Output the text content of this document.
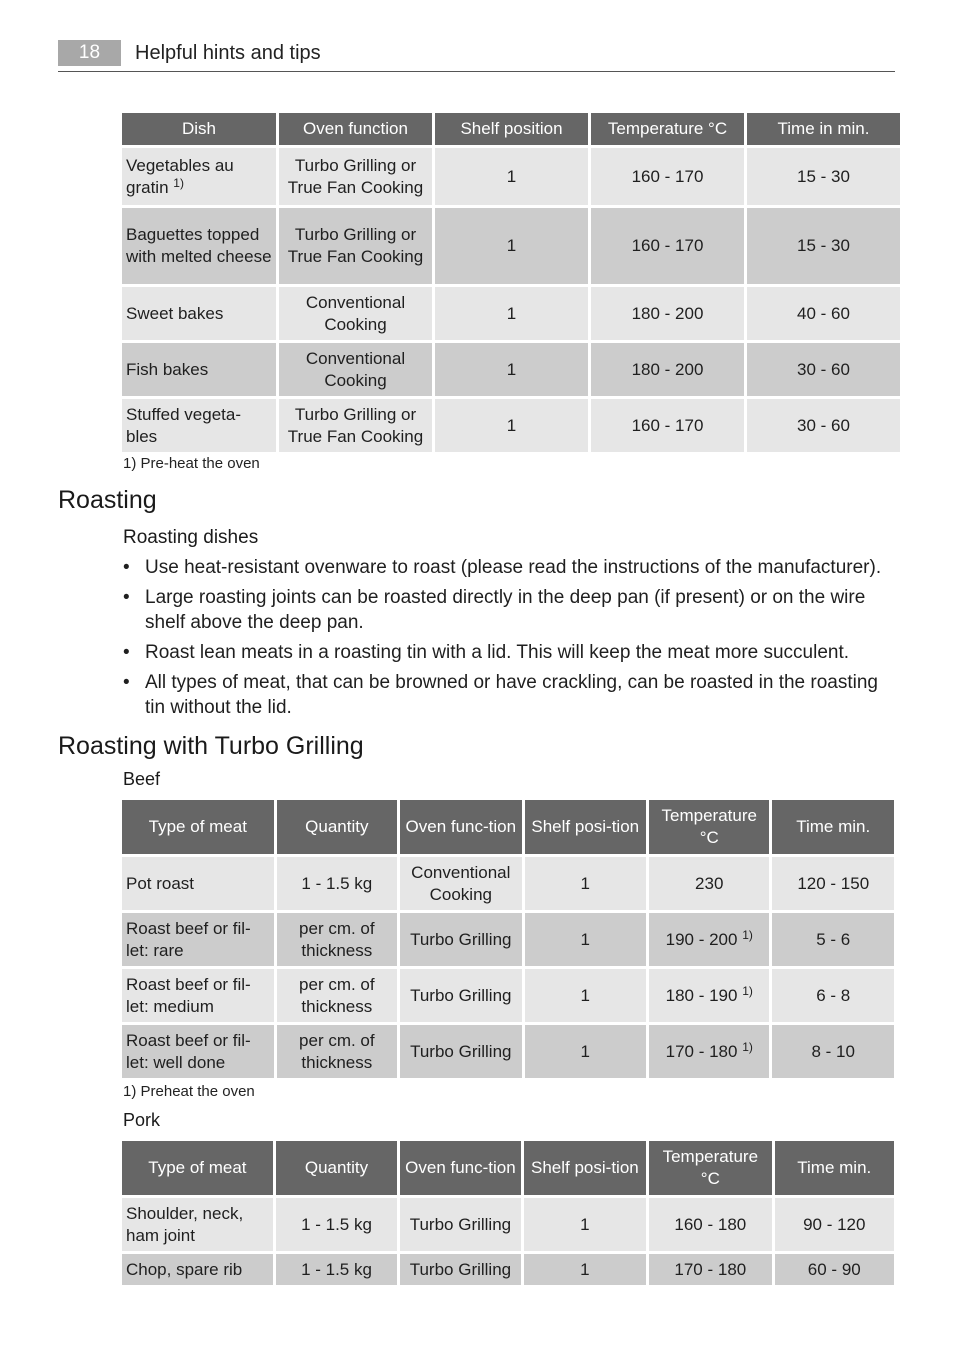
18	Helpful hints and tips
Dish	Oven function	Shelf position	Temperature °C	Time in min.
Vegetables au gratin $^{1)}$	Turbo Grilling or True Fan Cooking	1	160 - 170	15 - 30
Baguettes topped with melted cheese	Turbo Grilling or True Fan Cooking	1	160 - 170	15 - 30
Sweet bakes	Conventional Cooking	1	180 - 200	40 - 60
Fish bakes	Conventional Cooking	1	180 - 200	30 - 60
Stuffed vegeta-bles	Turbo Grilling or True Fan Cooking	1	160 - 170	30 - 60
1) Pre-heat the oven
Roasting
Roasting dishes
• Use heat-resistant ovenware to roast (please read the instructions of the manufacturer).
• Large roasting joints can be roasted directly in the deep pan (if present) or on the wire shelf above the deep pan.
• Roast lean meats in a roasting tin with a lid. This will keep the meat more succulent.
• All types of meat, that can be browned or have crackling, can be roasted in the roasting tin without the lid.
Roasting with Turbo Grilling
Beef
Type of meat	Quantity	Oven func-tion	Shelf posi-tion	Temperature °C	Time min.
Pot roast	1 - 1.5 kg	Conventional Cooking	1	230	120 - 150
Roast beef or fil-let: rare	per cm. of thickness	Turbo Grilling	1	190 - 200 $^{1)}$	5 - 6
Roast beef or fil-let: medium	per cm. of thickness	Turbo Grilling	1	180 - 190 $^{1)}$	6 - 8
Roast beef or fil-let: well done	per cm. of thickness	Turbo Grilling	1	170 - 180 $^{1)}$	8 - 10
1) Preheat the oven
Pork
Type of meat	Quantity	Oven func-tion	Shelf posi-tion	Temperature °C	Time min.
Shoulder, neck, ham joint	1 - 1.5 kg	Turbo Grilling	1	160 - 180	90 - 120
Chop, spare rib	1 - 1.5 kg	Turbo Grilling	1	170 - 180	60 - 90
